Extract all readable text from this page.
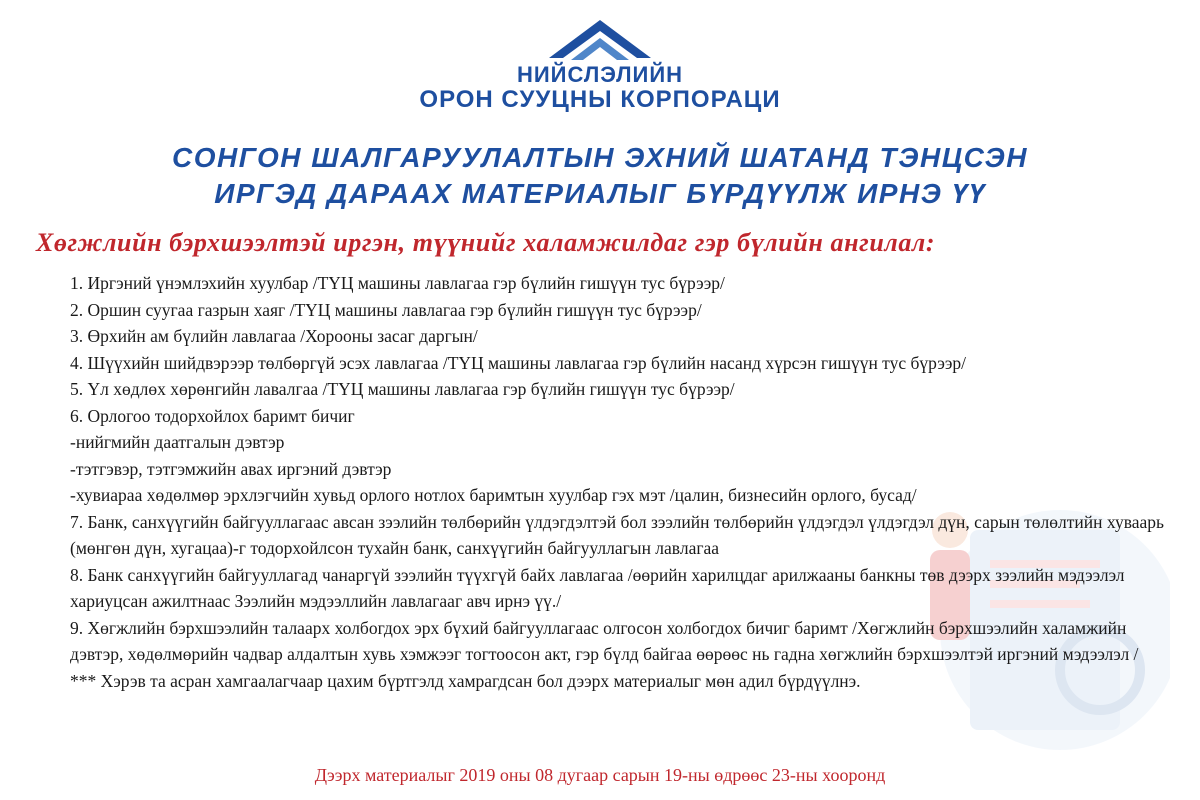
НИЙСЛЭЛИЙН
ОРОН СУУЦНЫ КОРПОРАЦИ
СОНГОН ШАЛГАРУУЛАЛТЫН ЭХНИЙ ШАТАНД ТЭНЦСЭН
ИРГЭД ДАРААХ МАТЕРИАЛЫГ БҮРДҮҮЛЖ ИРНЭ ҮҮ
Хөгжлийн бэрхшээлтэй иргэн, түүнийг халамжилдаг гэр бүлийн ангилал:
1. Иргэний үнэмлэхийн хуулбар /ТҮЦ машины лавлагаа гэр бүлийн гишүүн тус бүрээр/
2. Оршин суугаа газрын хаяг /ТҮЦ машины лавлагаа гэр бүлийн гишүүн тус бүрээр/
3. Өрхийн ам бүлийн лавлагаа /Хорооны засаг даргын/
4. Шүүхийн шийдвэрээр төлбөргүй эсэх лавлагаа /ТҮЦ машины лавлагаа гэр бүлийн насанд хүрсэн гишүүн тус бүрээр/
5. Үл хөдлөх хөрөнгийн лавалгаа /ТҮЦ машины лавлагаа гэр бүлийн гишүүн тус бүрээр/
6. Орлогоо тодорхойлох баримт бичиг
-нийгмийн даатгалын дэвтэр
-тэтгэвэр, тэтгэмжийн авах иргэний дэвтэр
-хувиараа хөдөлмөр эрхлэгчийн хувьд орлого нотлох баримтын хуулбар гэх мэт /цалин, бизнесийн орлого, бусад/
7. Банк, санхүүгийн байгууллагаас авсан зээлийн төлбөрийн үлдэгдэлтэй бол зээлийн төлбөрийн үлдэгдэл үлдэгдэл дүн, сарын төлөлтийн хуваарь (мөнгөн дүн, хугацаа)-г тодорхойлсон тухайн банк, санхүүгийн байгууллагын лавлагаа
8. Банк санхүүгийн байгууллагад чанаргүй зээлийн түүхгүй байх лавлагаа /өөрийн харилцдаг арилжааны банкны төв дээрх зээлийн мэдээлэл хариуцсан ажилтнаас Зээлийн мэдээллийн лавлагааг авч ирнэ үү./
9. Хөгжлийн бэрхшээлийн талаарх холбогдох эрх бүхий байгууллагаас олгосон холбогдох бичиг баримт /Хөгжлийн бэрхшээлийн халамжийн дэвтэр, хөдөлмөрийн чадвар алдалтын хувь хэмжээг тогтоосон акт, гэр бүлд байгаа өөрөөс нь гадна хөгжлийн бэрхшээлтэй иргэний мэдээлэл /
*** Хэрэв та асран хамгаалагчаар цахим бүртгэлд хамрагдсан бол дээрх материалыг мөн адил бүрдүүлнэ.
Дээрх материалыг 2019 оны 08 дугаар сарын 19-ны өдрөөс 23-ны хооронд
